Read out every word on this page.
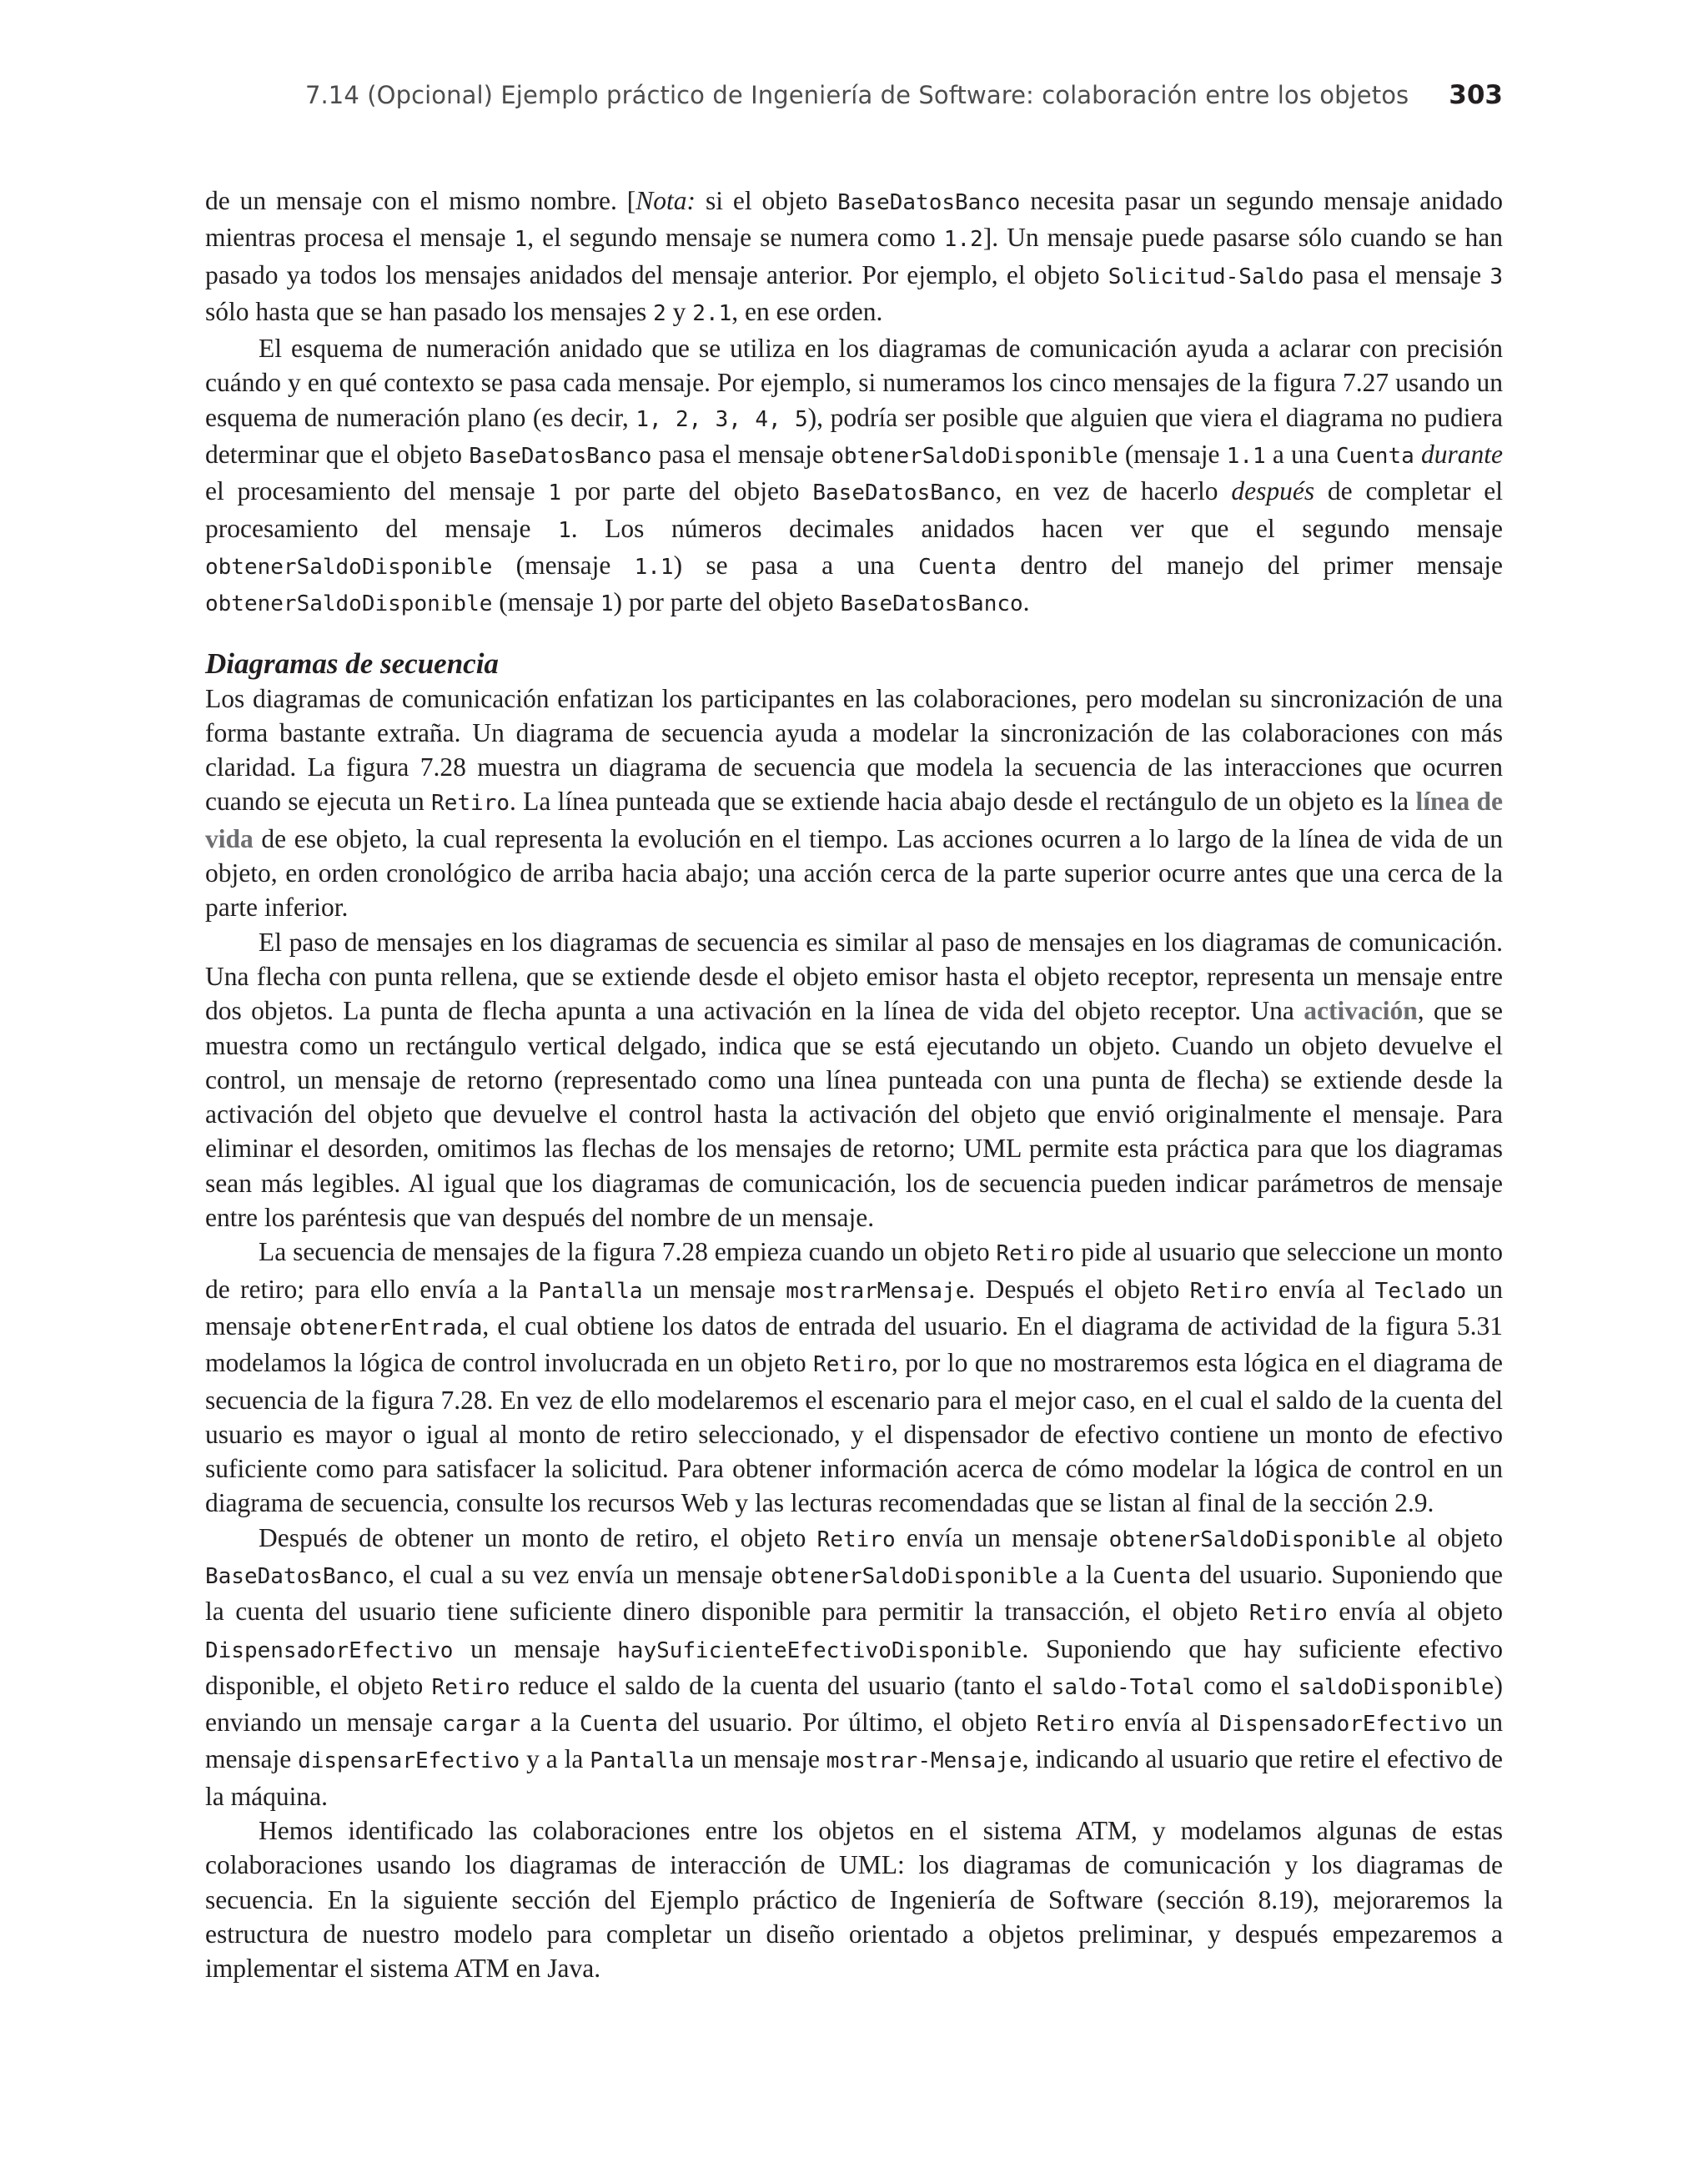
7.14 (Opcional) Ejemplo práctico de Ingeniería de Software: colaboración entre los objetos 303

de un mensaje con el mismo nombre. [Nota: si el objeto BaseDatosBanco necesita pasar un segundo mensaje anidado mientras procesa el mensaje 1, el segundo mensaje se numera como 1.2]. Un mensaje puede pasarse sólo cuando se han pasado ya todos los mensajes anidados del mensaje anterior. Por ejemplo, el objeto Solicitud-Saldo pasa el mensaje 3 sólo hasta que se han pasado los mensajes 2 y 2.1, en ese orden.

El esquema de numeración anidado que se utiliza en los diagramas de comunicación ayuda a aclarar con precisión cuándo y en qué contexto se pasa cada mensaje. Por ejemplo, si numeramos los cinco mensajes de la figura 7.27 usando un esquema de numeración plano (es decir, 1, 2, 3, 4, 5), podría ser posible que alguien que viera el diagrama no pudiera determinar que el objeto BaseDatosBanco pasa el mensaje obtenerSaldoDisponible (mensaje 1.1 a una Cuenta durante el procesamiento del mensaje 1 por parte del objeto BaseDatosBanco, en vez de hacerlo después de completar el procesamiento del mensaje 1. Los números decimales anidados hacen ver que el segundo mensaje obtenerSaldoDisponible (mensaje 1.1) se pasa a una Cuenta dentro del manejo del primer mensaje obtenerSaldoDisponible (mensaje 1) por parte del objeto BaseDatosBanco.

Diagramas de secuencia

Los diagramas de comunicación enfatizan los participantes en las colaboraciones, pero modelan su sincronización de una forma bastante extraña. Un diagrama de secuencia ayuda a modelar la sincronización de las colaboraciones con más claridad. La figura 7.28 muestra un diagrama de secuencia que modela la secuencia de las interacciones que ocurren cuando se ejecuta un Retiro. La línea punteada que se extiende hacia abajo desde el rectángulo de un objeto es la línea de vida de ese objeto, la cual representa la evolución en el tiempo. Las acciones ocurren a lo largo de la línea de vida de un objeto, en orden cronológico de arriba hacia abajo; una acción cerca de la parte superior ocurre antes que una cerca de la parte inferior.

El paso de mensajes en los diagramas de secuencia es similar al paso de mensajes en los diagramas de comunicación. Una flecha con punta rellena, que se extiende desde el objeto emisor hasta el objeto receptor, representa un mensaje entre dos objetos. La punta de flecha apunta a una activación en la línea de vida del objeto receptor. Una activación, que se muestra como un rectángulo vertical delgado, indica que se está ejecutando un objeto. Cuando un objeto devuelve el control, un mensaje de retorno (representado como una línea punteada con una punta de flecha) se extiende desde la activación del objeto que devuelve el control hasta la activación del objeto que envió originalmente el mensaje. Para eliminar el desorden, omitimos las flechas de los mensajes de retorno; UML permite esta práctica para que los diagramas sean más legibles. Al igual que los diagramas de comunicación, los de secuencia pueden indicar parámetros de mensaje entre los paréntesis que van después del nombre de un mensaje.

La secuencia de mensajes de la figura 7.28 empieza cuando un objeto Retiro pide al usuario que seleccione un monto de retiro; para ello envía a la Pantalla un mensaje mostrarMensaje. Después el objeto Retiro envía al Teclado un mensaje obtenerEntrada, el cual obtiene los datos de entrada del usuario. En el diagrama de actividad de la figura 5.31 modelamos la lógica de control involucrada en un objeto Retiro, por lo que no mostraremos esta lógica en el diagrama de secuencia de la figura 7.28. En vez de ello modelaremos el escenario para el mejor caso, en el cual el saldo de la cuenta del usuario es mayor o igual al monto de retiro seleccionado, y el dispensador de efectivo contiene un monto de efectivo suficiente como para satisfacer la solicitud. Para obtener información acerca de cómo modelar la lógica de control en un diagrama de secuencia, consulte los recursos Web y las lecturas recomendadas que se listan al final de la sección 2.9.

Después de obtener un monto de retiro, el objeto Retiro envía un mensaje obtenerSaldoDisponible al objeto BaseDatosBanco, el cual a su vez envía un mensaje obtenerSaldoDisponible a la Cuenta del usuario. Suponiendo que la cuenta del usuario tiene suficiente dinero disponible para permitir la transacción, el objeto Retiro envía al objeto DispensadorEfectivo un mensaje haySuficienteEfectivoDisponible. Suponiendo que hay suficiente efectivo disponible, el objeto Retiro reduce el saldo de la cuenta del usuario (tanto el saldo-Total como el saldoDisponible) enviando un mensaje cargar a la Cuenta del usuario. Por último, el objeto Retiro envía al DispensadorEfectivo un mensaje dispensarEfectivo y a la Pantalla un mensaje mostrar-Mensaje, indicando al usuario que retire el efectivo de la máquina.

Hemos identificado las colaboraciones entre los objetos en el sistema ATM, y modelamos algunas de estas colaboraciones usando los diagramas de interacción de UML: los diagramas de comunicación y los diagramas de secuencia. En la siguiente sección del Ejemplo práctico de Ingeniería de Software (sección 8.19), mejoraremos la estructura de nuestro modelo para completar un diseño orientado a objetos preliminar, y después empezaremos a implementar el sistema ATM en Java.
